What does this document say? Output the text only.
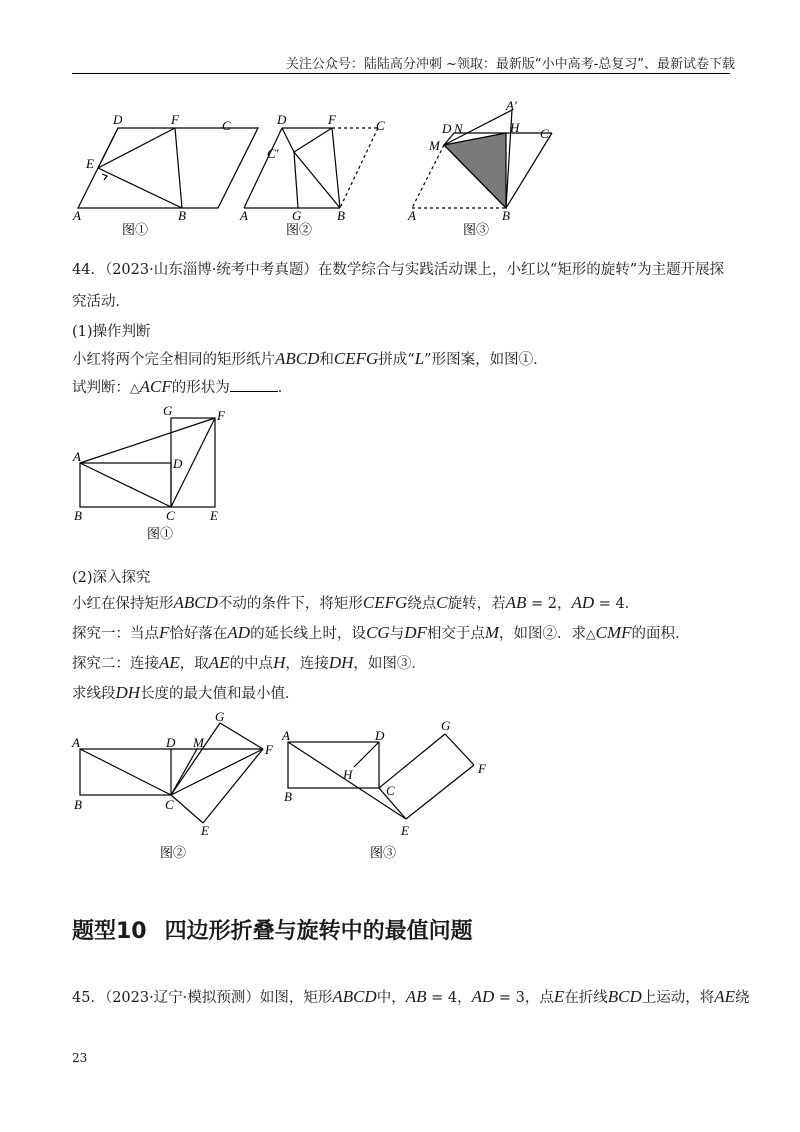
关注公众号：陆陆高分冲刺 ~领取：最新版“小中高考-总复习”、最新试卷下载
D	F	C
E
A	B
图①
D	F	C
C′
A	G	B
图②
A′
D N	H C
M
A	B
图③
44．（2023·山东淄博·统考中考真题）在数学综合与实践活动课上，小红以“矩形的旋转”为主题开展探
究活动．
(1)操作判断
小红将两个完全相同的矩形纸片ABCD和CEFG拼成“L”形图案，如图①．
试判断：△ACF的形状为	．
G	F
A	D
B	C	E
图①
(2)深入探究
小红在保持矩形ABCD不动的条件下，将矩形CEFG绕点C旋转，若AB = 2，AD = 4．
探究一：当点F恰好落在AD的延长线上时，设CG与DF相交于点M，如图②．求△CMF的面积．
探究二：连接AE，取AE的中点H，连接DH，如图③．
求线段DH长度的最大值和最小值．
G
A	D M	F
B	C
E
图②
G
A	D
F
H
B	C
E
图③
题型10 四边形折叠与旋转中的最值问题
45．（2023·辽宁·模拟预测）如图，矩形ABCD中，AB = 4，AD = 3，点E在折线BCD上运动，将AE绕
23
